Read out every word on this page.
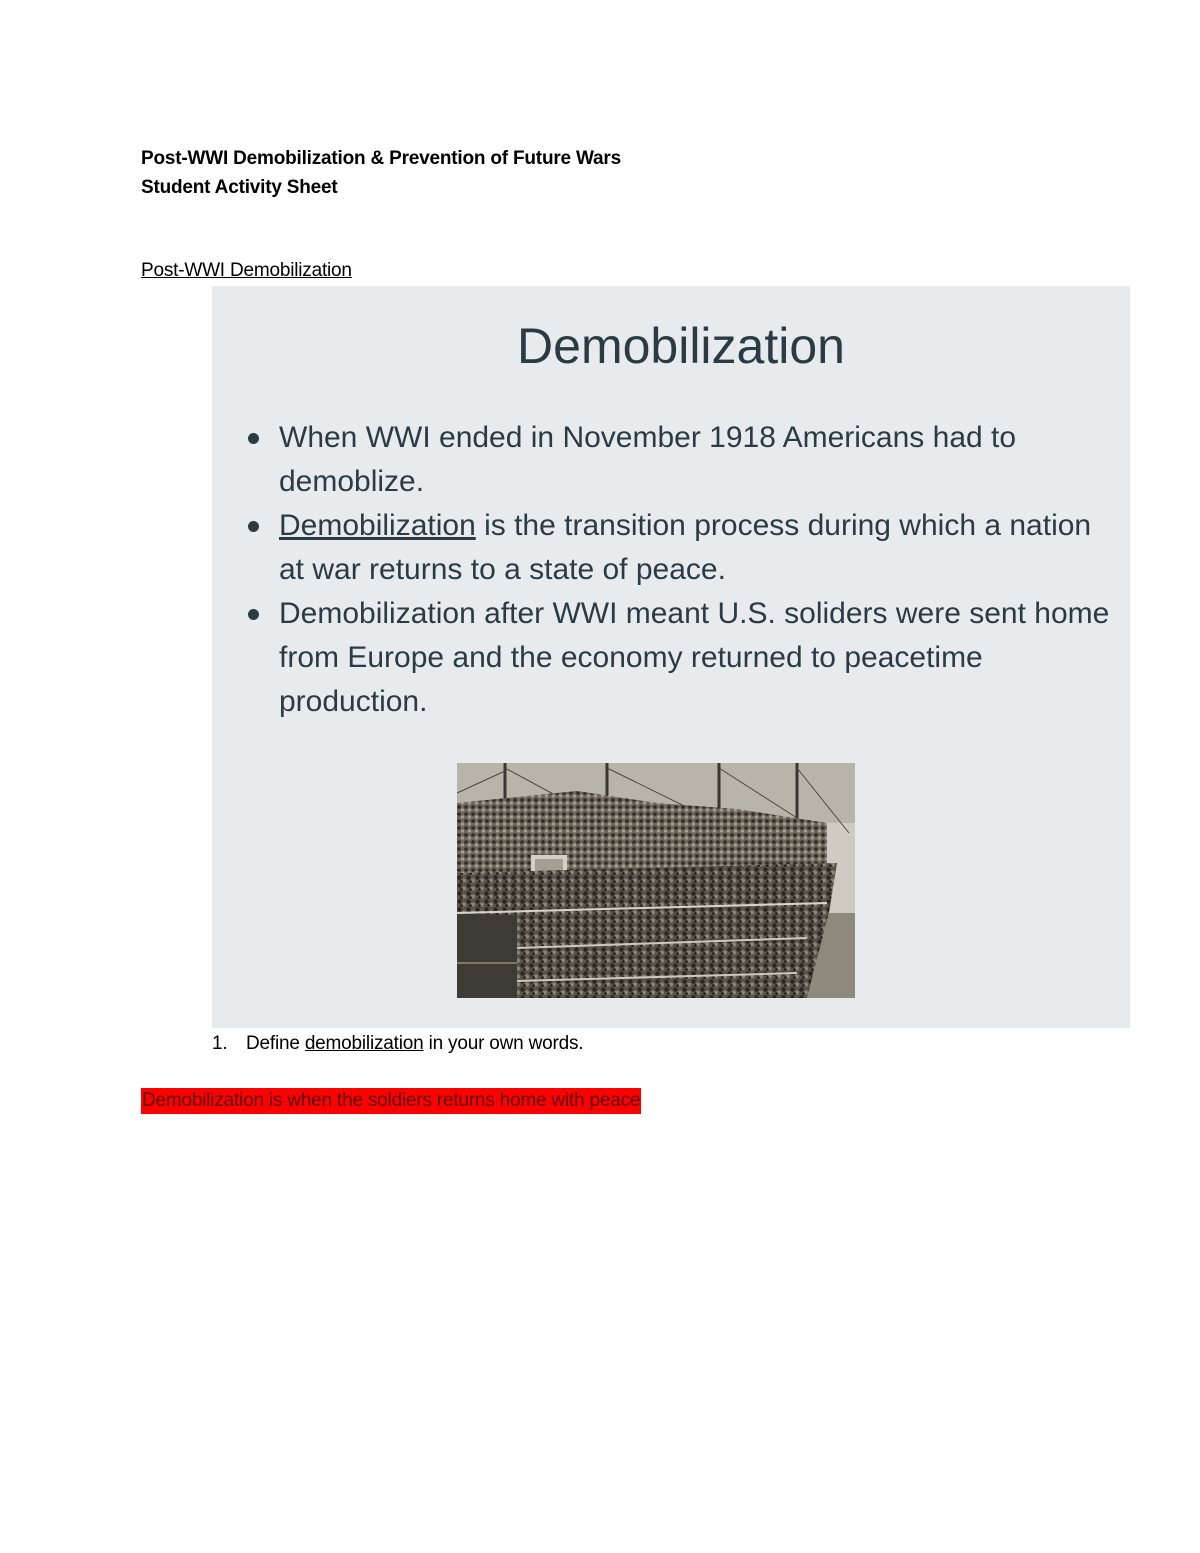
Post-WWI Demobilization & Prevention of Future Wars
Student Activity Sheet
Post-WWI Demobilization
Demobilization
When WWI ended in November 1918 Americans had to demoblize.
Demobilization is the transition process during which a nation at war returns to a state of peace.
Demobilization after WWI meant U.S. soliders were sent home from Europe and the economy returned to peacetime production.
1. Define demobilization in your own words.
Demobilization is when the soldiers returns home with peace
